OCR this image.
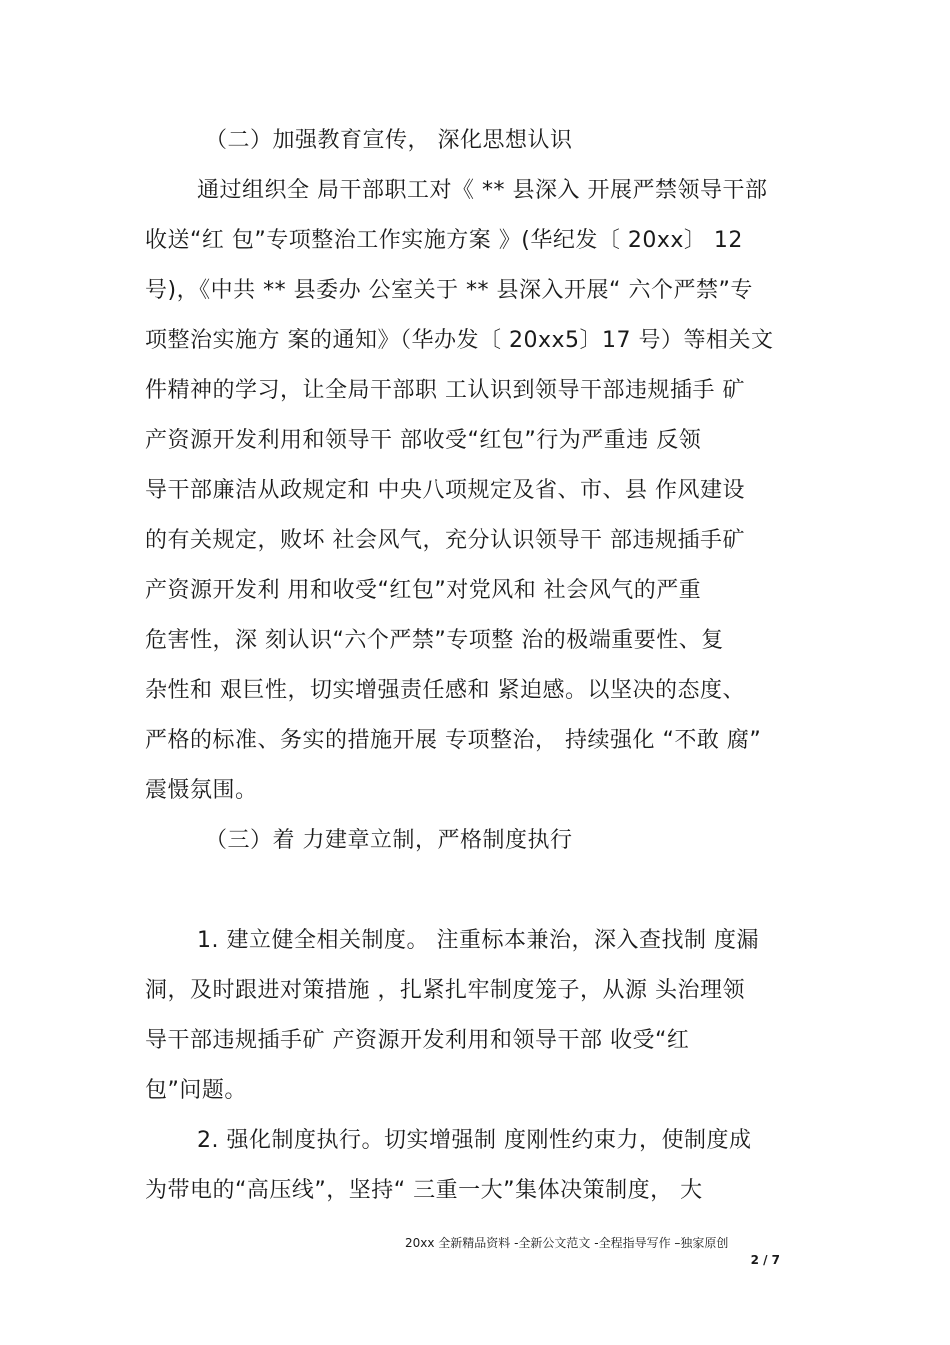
（二）加强教育宣传， 深化思想认识
通过组织全 局干部职工对《 ** 县深入 开展严禁领导干部
收送“红 包”专项整治工作实施方案 》(华纪发〔 20xx〕 12
号)，《中共 ** 县委办 公室关于 ** 县深入开展“ 六个严禁”专
项整治实施方 案的通知》（华办发〔 20xx5〕17 号）等相关文
件精神的学习，让全局干部职 工认识到领导干部违规插手 矿
产资源开发利用和领导干 部收受“红包”行为严重违 反领
导干部廉洁从政规定和 中央八项规定及省、市、县 作风建设
的有关规定，败坏 社会风气，充分认识领导干 部违规插手矿
产资源开发利 用和收受“红包”对党风和 社会风气的严重
危害性，深 刻认识“六个严禁”专项整 治的极端重要性、复
杂性和 艰巨性，切实增强责任感和 紧迫感。以坚决的态度、
严格的标准、务实的措施开展 专项整治， 持续强化 “不敢 腐”
震慑氛围。
（三）着 力建章立制，严格制度执行
1. 建立健全相关制度。 注重标本兼治，深入查找制 度漏
洞，及时跟进对策措施 ，扎紧扎牢制度笼子，从源 头治理领
导干部违规插手矿 产资源开发利用和领导干部 收受“红
包”问题。
2. 强化制度执行。切实增强制 度刚性约束力，使制度成
为带电的“高压线”，坚持“ 三重一大”集体决策制度， 大
20xx 全新精品资料 -全新公文范文 -全程指导写作 –独家原创
2 / 7
